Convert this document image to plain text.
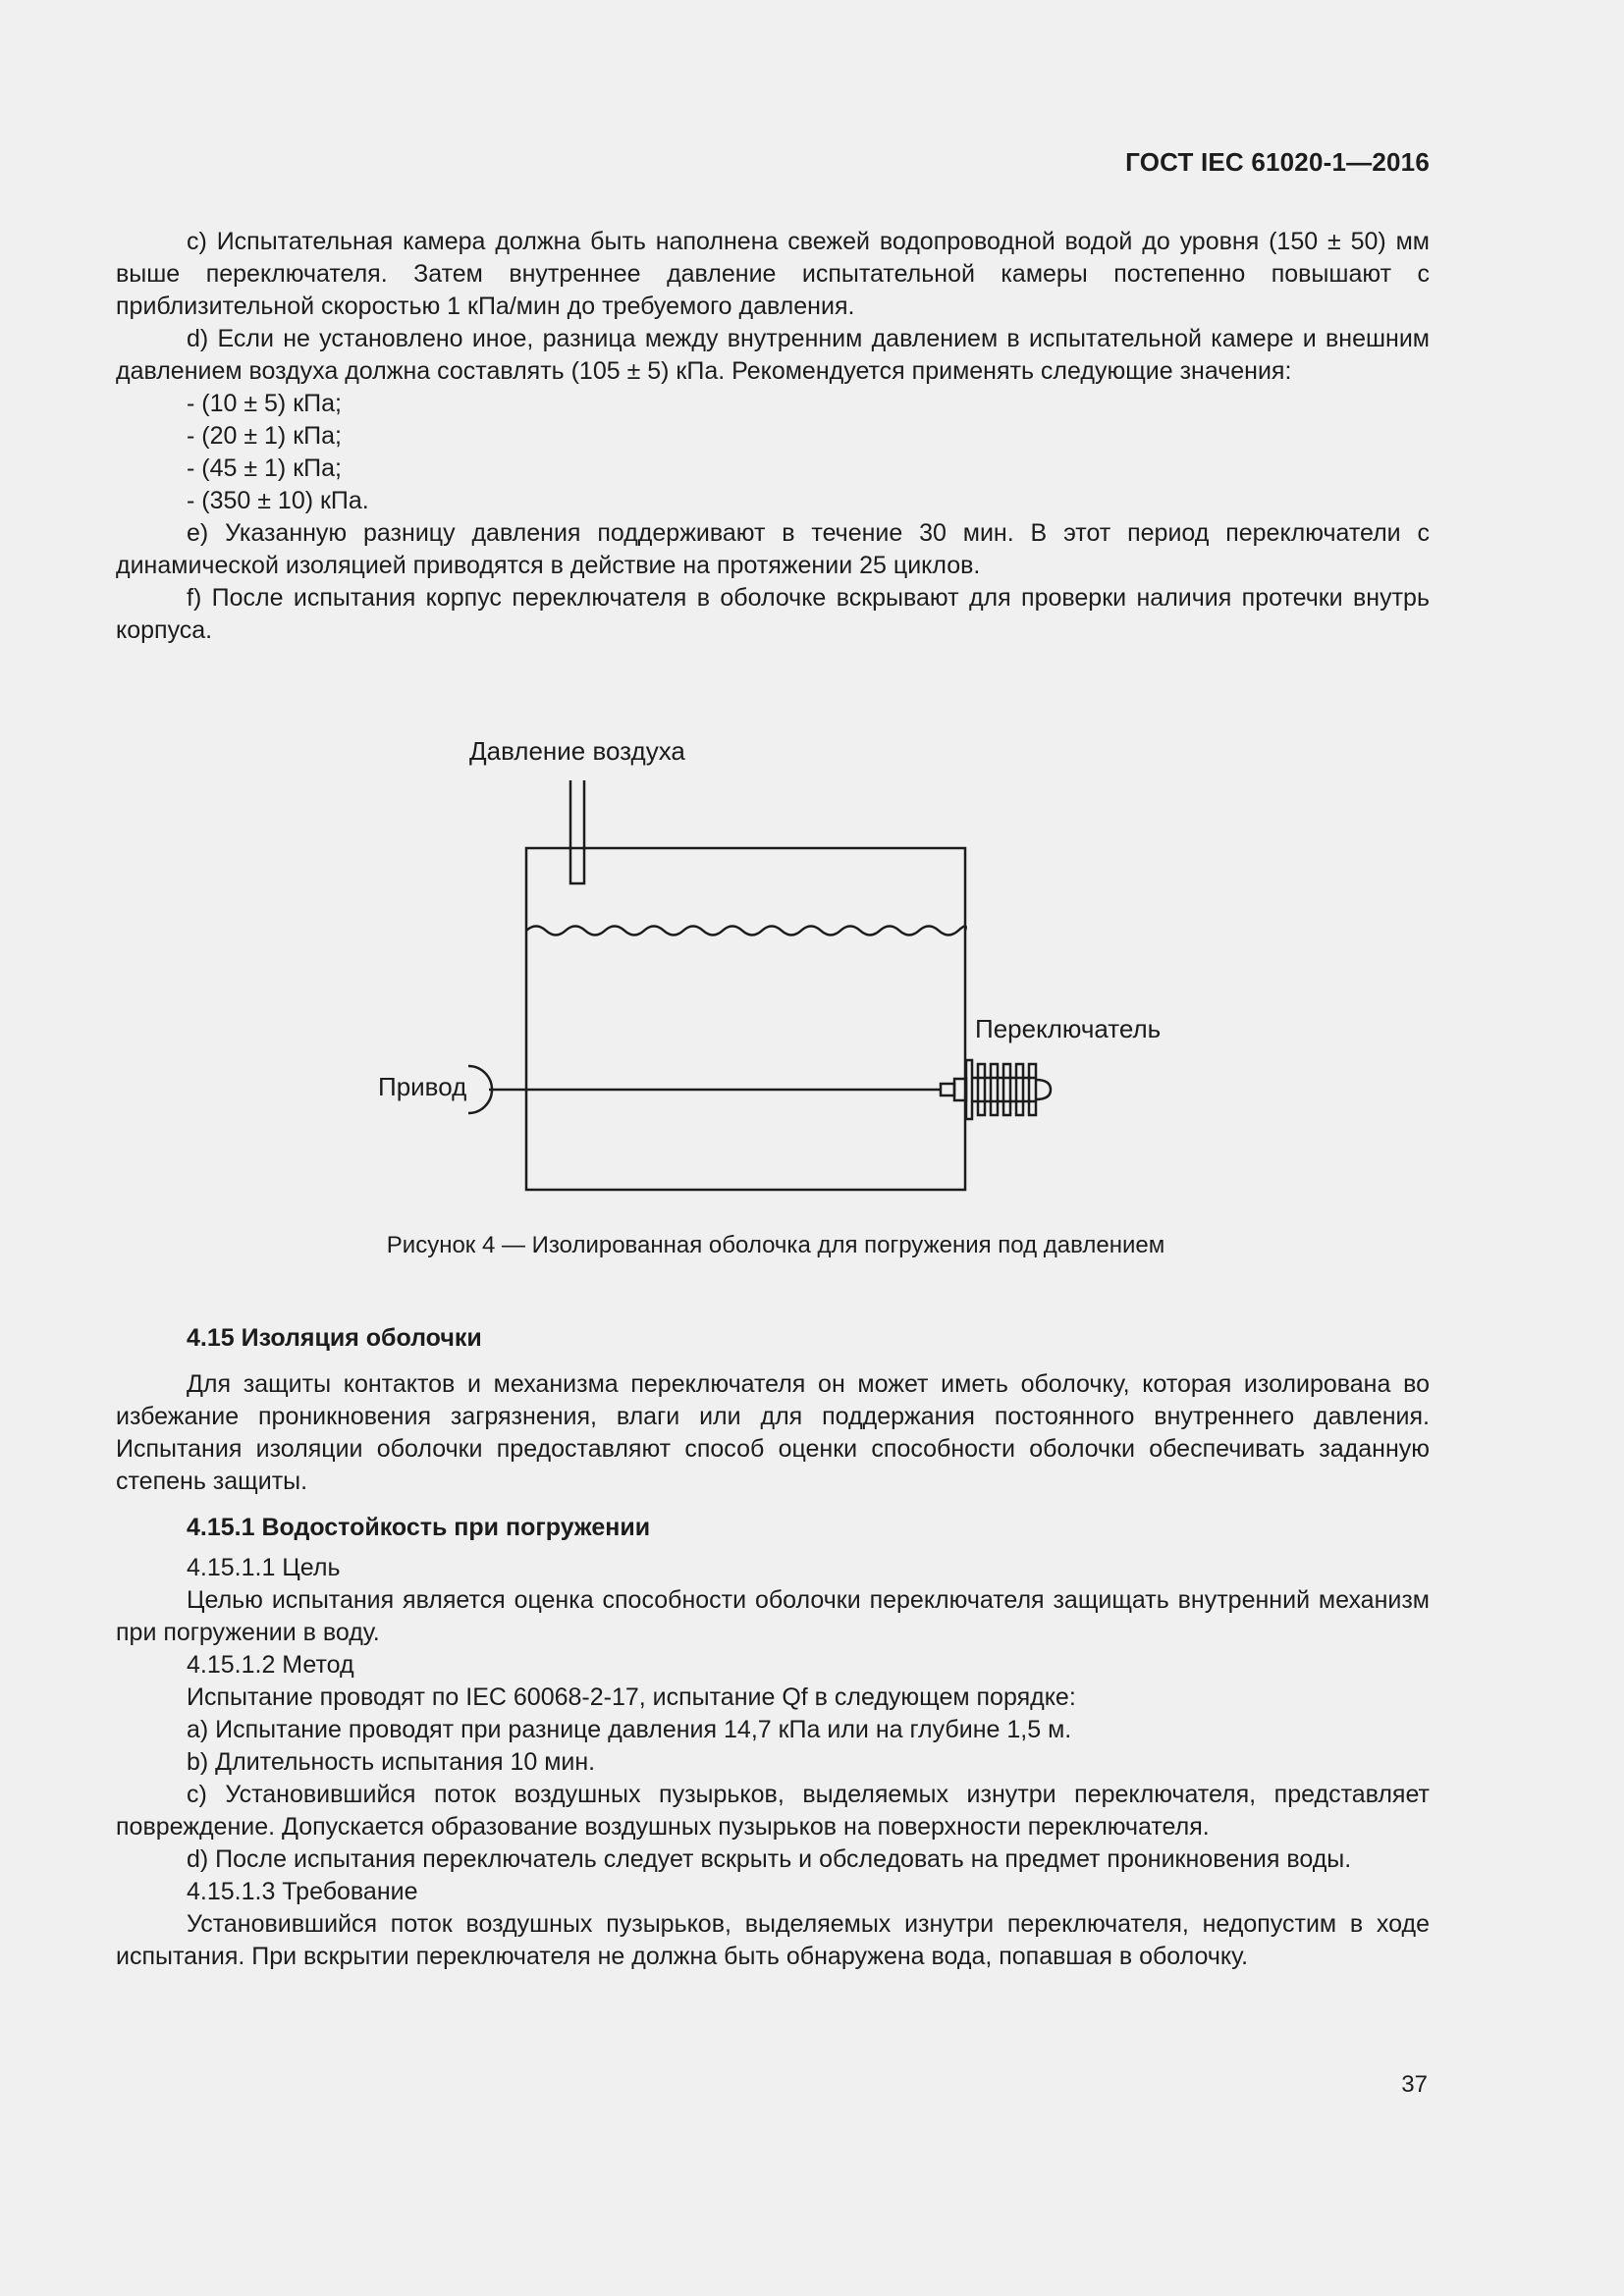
ГОСТ IEC 61020-1—2016

c) Испытательная камера должна быть наполнена свежей водопроводной водой до уровня (150 ± 50) мм выше переключателя. Затем внутреннее давление испытательной камеры постепенно повышают с приблизительной скоростью 1 кПа/мин до требуемого давления.

d) Если не установлено иное, разница между внутренним давлением в испытательной камере и внешним давлением воздуха должна составлять (105 ± 5) кПа. Рекомендуется применять следующие значения:

- (10 ± 5) кПа;

- (20 ± 1) кПа;

- (45 ± 1) кПа;

- (350 ± 10) кПа.

e) Указанную разницу давления поддерживают в течение 30 мин. В этот период переключатели с динамической изоляцией приводятся в действие на протяжении 25 циклов.

f) После испытания корпус переключателя в оболочке вскрывают для проверки наличия протечки внутрь корпуса.

Давление воздуха
Переключатель
Привод
Рисунок 4 — Изолированная оболочка для погружения под давлением
4.15 Изоляция оболочки

Для защиты контактов и механизма переключателя он может иметь оболочку, которая изолирована во избежание проникновения загрязнения, влаги или для поддержания постоянного внутреннего давления. Испытания изоляции оболочки предоставляют способ оценки способности оболочки обеспечивать заданную степень защиты.

4.15.1 Водостойкость при погружении

4.15.1.1 Цель

Целью испытания является оценка способности оболочки переключателя защищать внутренний механизм при погружении в воду.

4.15.1.2 Метод

Испытание проводят по IEC 60068-2-17, испытание Qf в следующем порядке:

a) Испытание проводят при разнице давления 14,7 кПа или на глубине 1,5 м.

b) Длительность испытания 10 мин.

c) Установившийся поток воздушных пузырьков, выделяемых изнутри переключателя, представляет повреждение. Допускается образование воздушных пузырьков на поверхности переключателя.

d) После испытания переключатель следует вскрыть и обследовать на предмет проникновения воды.

4.15.1.3 Требование

Установившийся поток воздушных пузырьков, выделяемых изнутри переключателя, недопустим в ходе испытания. При вскрытии переключателя не должна быть обнаружена вода, попавшая в оболочку.

37
